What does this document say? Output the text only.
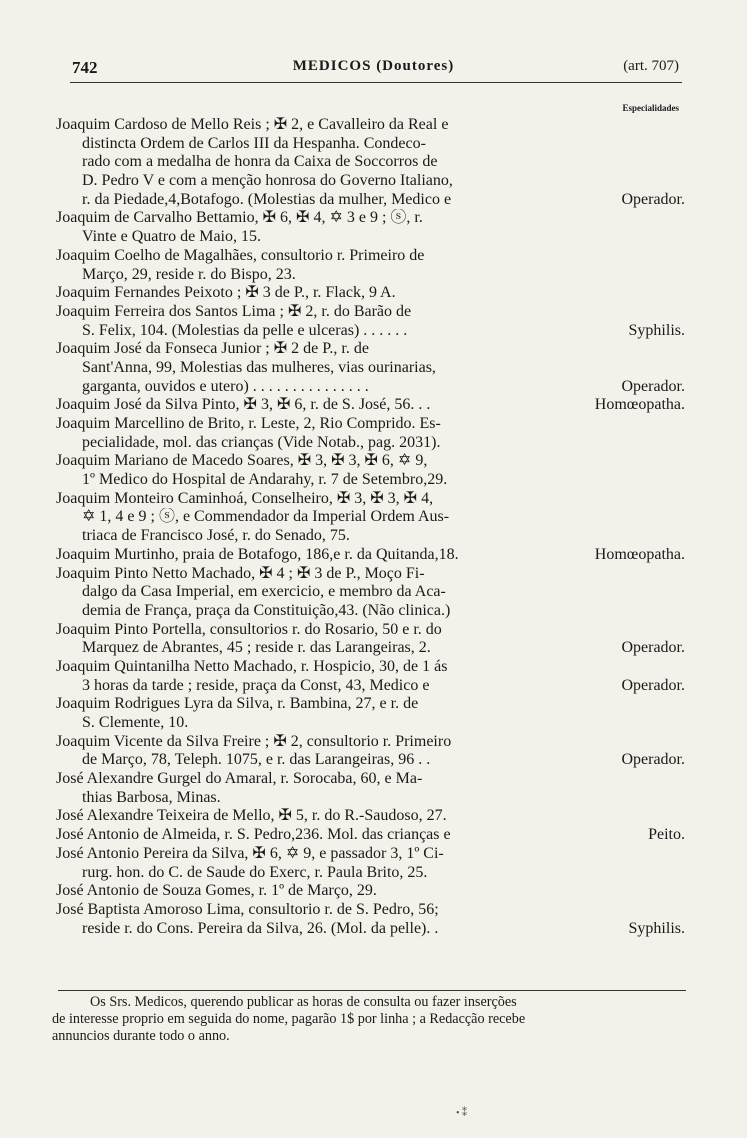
742	MEDICOS (Doutores)	(art. 707)
Especialidades
Joaquim Cardoso de Mello Reis ; ✠ 2, e Cavalleiro da Real e
distincta Ordem de Carlos III da Hespanha. Condeco-
rado com a medalha de honra da Caixa de Soccorros de
D. Pedro V e com a menção honrosa do Governo Italiano,
r. da Piedade,4,Botafogo. (Molestias da mulher, Medico e	Operador.
Joaquim de Carvalho Bettamio, ✠ 6, ✠ 4, ✡ 3 e 9 ; ⓢ, r.
Vinte e Quatro de Maio, 15.
Joaquim Coelho de Magalhães, consultorio r. Primeiro de
Março, 29, reside r. do Bispo, 23.
Joaquim Fernandes Peixoto ; ✠ 3 de P., r. Flack, 9 A.
Joaquim Ferreira dos Santos Lima ; ✠ 2, r. do Barão de
S. Felix, 104. (Molestias da pelle e ulceras) . . . . . .	Syphilis.
Joaquim José da Fonseca Junior ; ✠ 2 de P., r. de
Sant'Anna, 99, Molestias das mulheres, vias ourinarias,
garganta, ouvidos e utero) . . . . . . . . . . . . . . .	Operador.
Joaquim José da Silva Pinto, ✠ 3, ✠ 6, r. de S. José, 56. . .	Homœopatha.
Joaquim Marcellino de Brito, r. Leste, 2, Rio Comprido. Es-
pecialidade, mol. das crianças (Vide Notab., pag. 2031).
Joaquim Mariano de Macedo Soares, ✠ 3, ✠ 3, ✠ 6, ✡ 9,
1º Medico do Hospital de Andarahy, r. 7 de Setembro,29.
Joaquim Monteiro Caminhoá, Conselheiro, ✠ 3, ✠ 3, ✠ 4,
✡ 1, 4 e 9 ; ⓢ, e Commendador da Imperial Ordem Aus-
triaca de Francisco José, r. do Senado, 75.
Joaquim Murtinho, praia de Botafogo, 186,e r. da Quitanda,18.	Homœopatha.
Joaquim Pinto Netto Machado, ✠ 4 ; ✠ 3 de P., Moço Fi-
dalgo da Casa Imperial, em exercicio, e membro da Aca-
demia de França, praça da Constituição,43. (Não clinica.)
Joaquim Pinto Portella, consultorios r. do Rosario, 50 e r. do
Marquez de Abrantes, 45 ; reside r. das Larangeiras, 2.	Operador.
Joaquim Quintanilha Netto Machado, r. Hospicio, 30, de 1 ás
3 horas da tarde ; reside, praça da Const, 43, Medico e	Operador.
Joaquim Rodrigues Lyra da Silva, r. Bambina, 27, e r. de
S. Clemente, 10.
Joaquim Vicente da Silva Freire ; ✠ 2, consultorio r. Primeiro
de Março, 78, Teleph. 1075, e r. das Larangeiras, 96 . .	Operador.
José Alexandre Gurgel do Amaral, r. Sorocaba, 60, e Ma-
thias Barbosa, Minas.
José Alexandre Teixeira de Mello, ✠ 5, r. do R.-Saudoso, 27.
José Antonio de Almeida, r. S. Pedro,236. Mol. das crianças e	Peito.
José Antonio Pereira da Silva, ✠ 6, ✡ 9, e passador 3, 1º Ci-
rurg. hon. do C. de Saude do Exerc, r. Paula Brito, 25.
José Antonio de Souza Gomes, r. 1º de Março, 29.
José Baptista Amoroso Lima, consultorio r. de S. Pedro, 56;
reside r. do Cons. Pereira da Silva, 26. (Mol. da pelle). .	Syphilis.
Os Srs. Medicos, querendo publicar as horas de consulta ou fazer inserções
de interesse proprio em seguida do nome, pagarão 1$ por linha ; a Redacção recebe
annuncios durante todo o anno.
• ⁑
